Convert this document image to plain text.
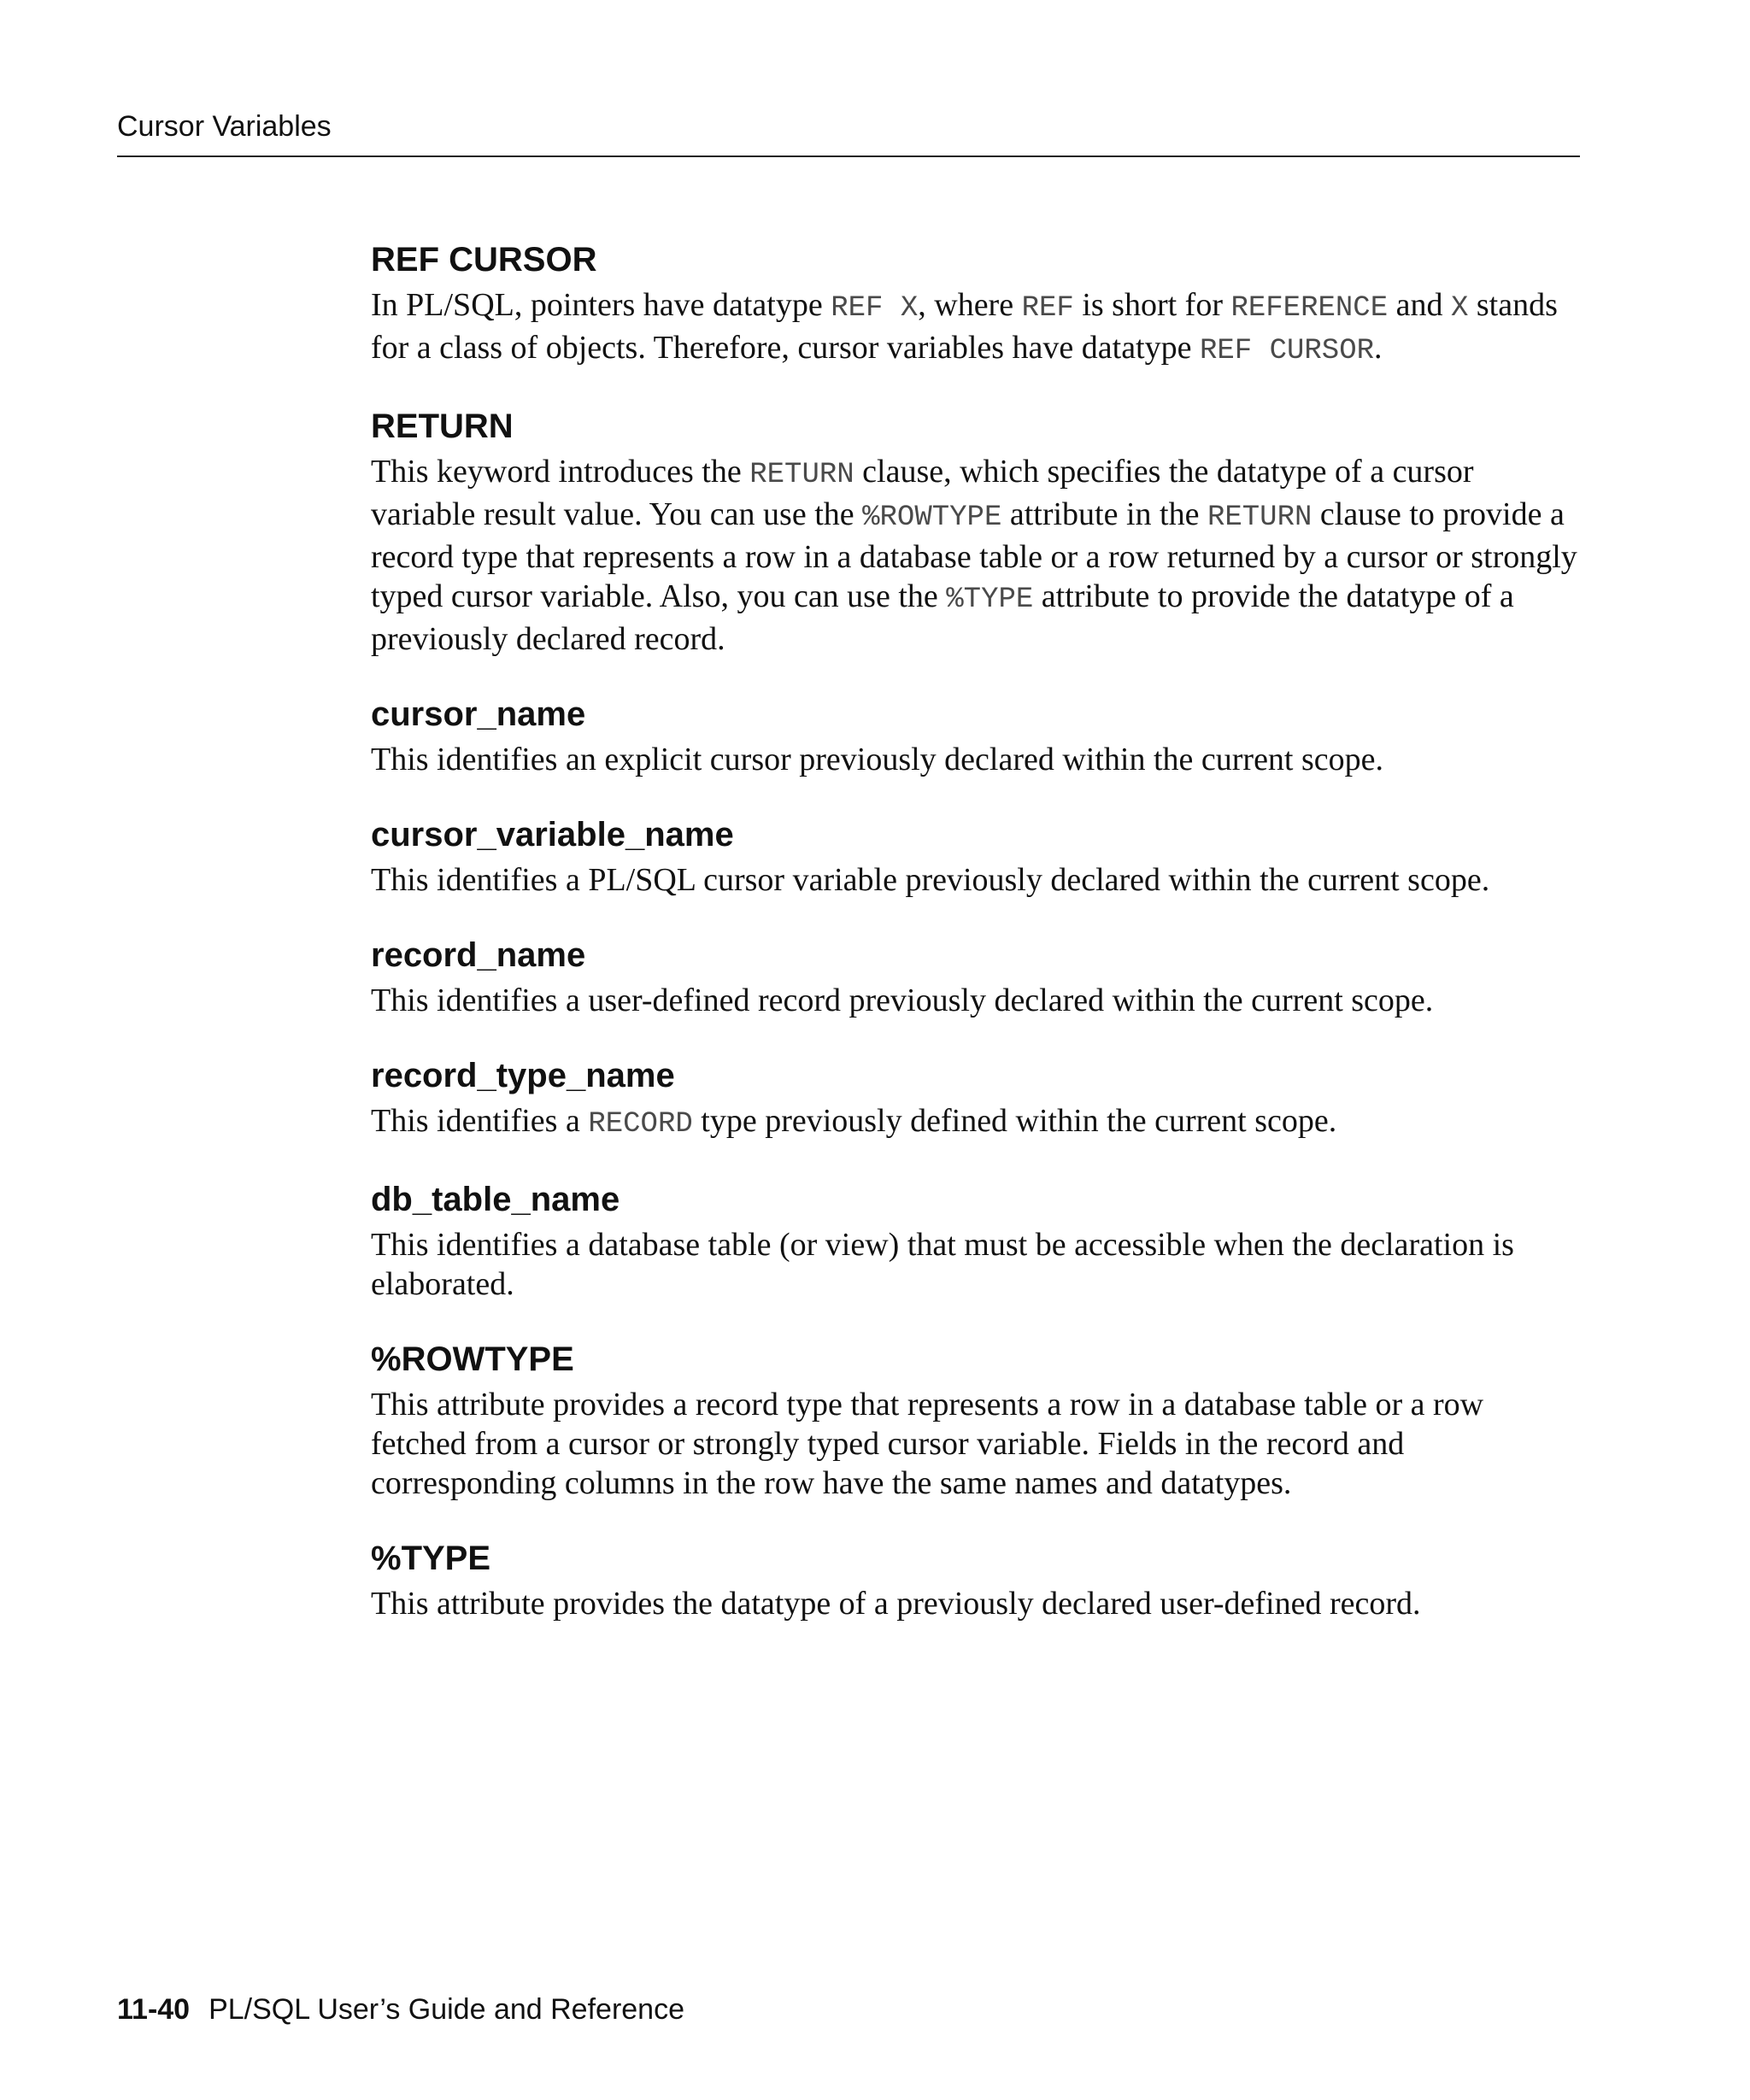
Cursor Variables
REF CURSOR

In PL/SQL, pointers have datatype REF X, where REF is short for REFERENCE and X stands for a class of objects. Therefore, cursor variables have datatype REF CURSOR.

RETURN

This keyword introduces the RETURN clause, which specifies the datatype of a cursor variable result value. You can use the %ROWTYPE attribute in the RETURN clause to provide a record type that represents a row in a database table or a row returned by a cursor or strongly typed cursor variable. Also, you can use the %TYPE attribute to provide the datatype of a previously declared record.

cursor_name

This identifies an explicit cursor previously declared within the current scope.

cursor_variable_name

This identifies a PL/SQL cursor variable previously declared within the current scope.

record_name

This identifies a user-defined record previously declared within the current scope.

record_type_name

This identifies a RECORD type previously defined within the current scope.

db_table_name

This identifies a database table (or view) that must be accessible when the declaration is elaborated.

%ROWTYPE

This attribute provides a record type that represents a row in a database table or a row fetched from a cursor or strongly typed cursor variable. Fields in the record and corresponding columns in the row have the same names and datatypes.

%TYPE

This attribute provides the datatype of a previously declared user-defined record.

11-40 PL/SQL User’s Guide and Reference
